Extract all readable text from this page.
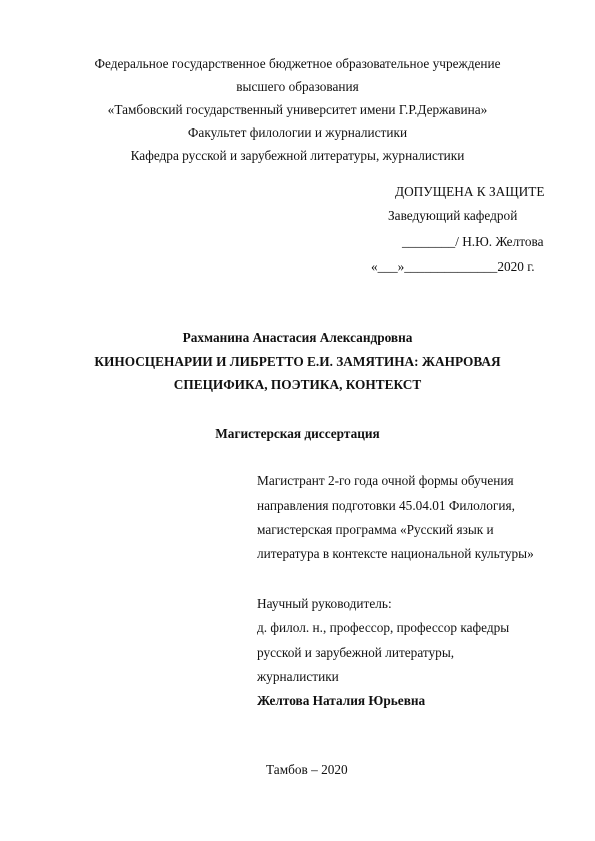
Федеральное государственное бюджетное образовательное учреждение
высшего образования
«Тамбовский государственный университет имени Г.Р.Державина»
Факультет филологии и журналистики
Кафедра русской и зарубежной литературы, журналистики
ДОПУЩЕНА К ЗАЩИТЕ
Заведующий кафедрой
________/ Н.Ю. Желтова
«___»______________2020 г.
Рахманина Анастасия Александровна
КИНОСЦЕНАРИИ И ЛИБРЕТТО Е.И. ЗАМЯТИНА: ЖАНРОВАЯ
СПЕЦИФИКА, ПОЭТИКА, КОНТЕКСТ
Магистерская диссертация
Магистрант 2-го года очной формы обучения
направления подготовки 45.04.01 Филология,
магистерская программа «Русский язык и
литература в контексте национальной культуры»
Научный руководитель:
д. филол. н., профессор, профессор кафедры
русской и зарубежной литературы,
журналистики
Желтова Наталия Юрьевна
Тамбов – 2020
